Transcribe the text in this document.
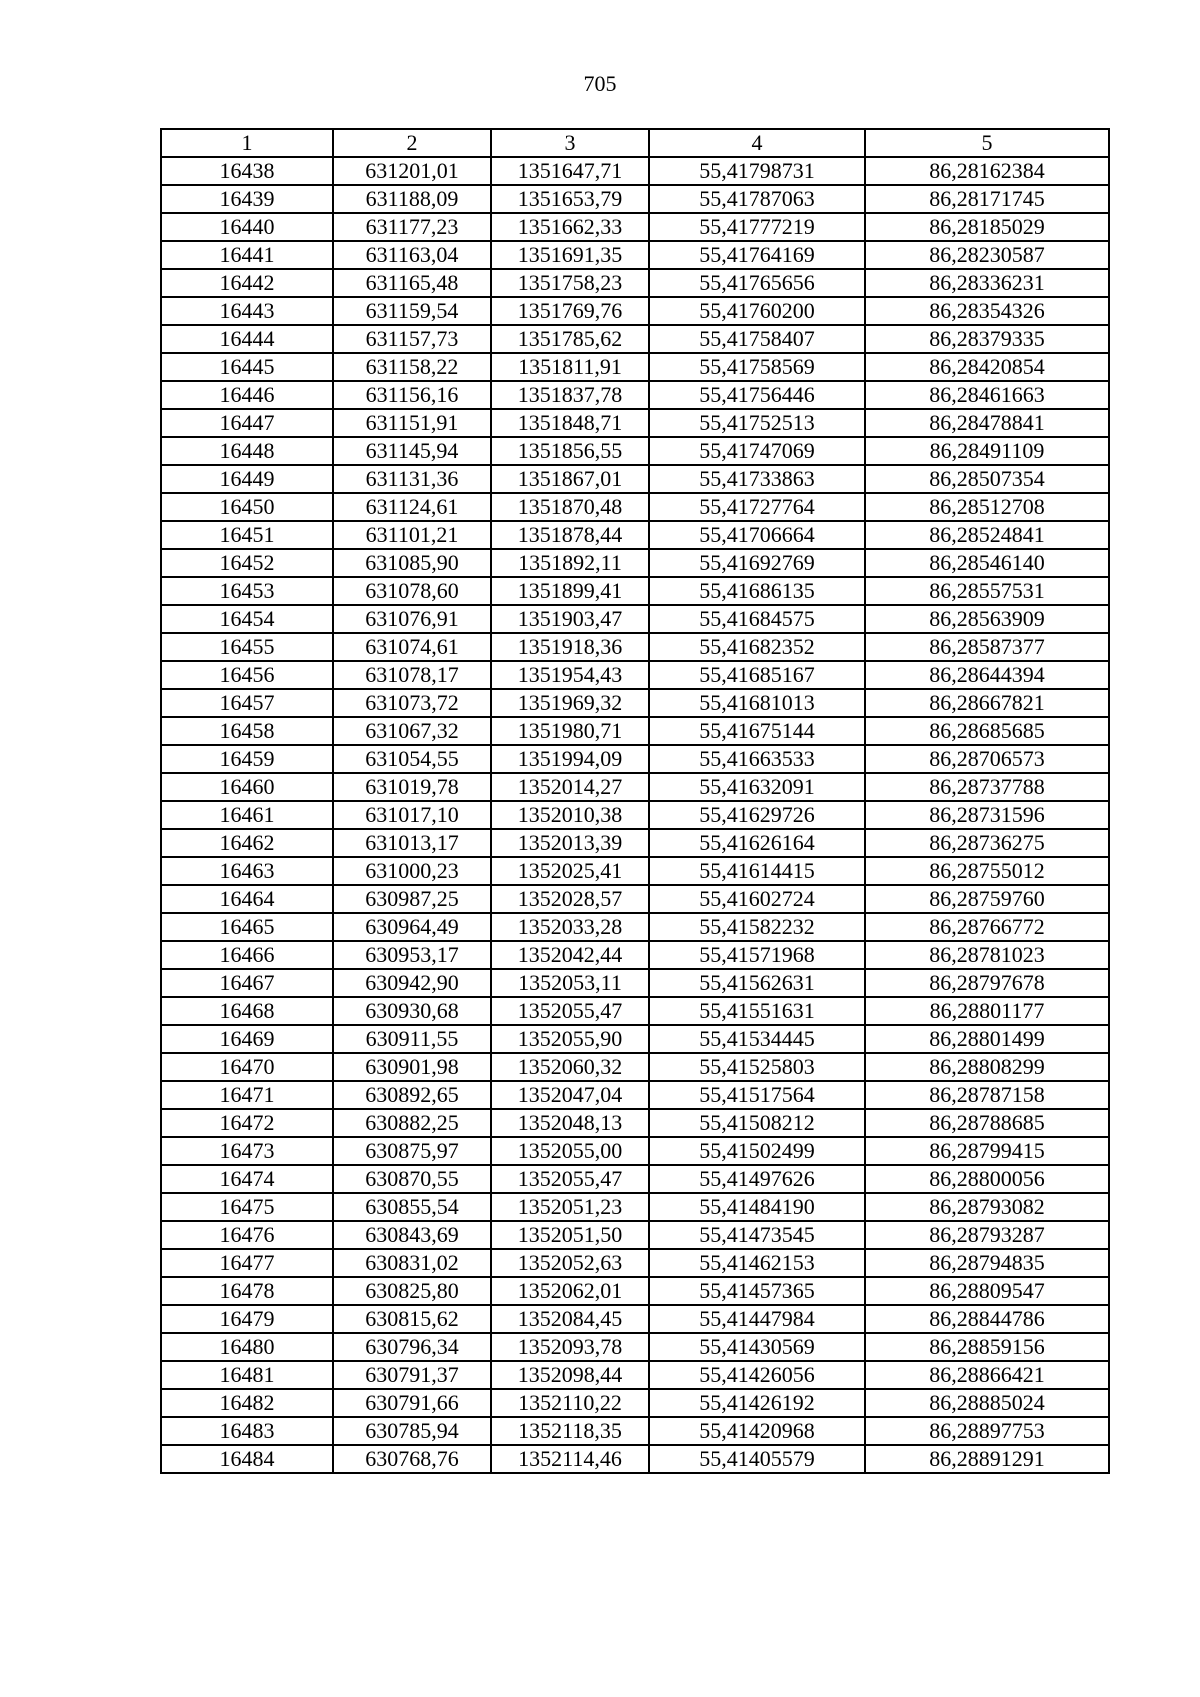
705
1	2	3	4	5
16438	631201,01	1351647,71	55,41798731	86,28162384
16439	631188,09	1351653,79	55,41787063	86,28171745
16440	631177,23	1351662,33	55,41777219	86,28185029
16441	631163,04	1351691,35	55,41764169	86,28230587
16442	631165,48	1351758,23	55,41765656	86,28336231
16443	631159,54	1351769,76	55,41760200	86,28354326
16444	631157,73	1351785,62	55,41758407	86,28379335
16445	631158,22	1351811,91	55,41758569	86,28420854
16446	631156,16	1351837,78	55,41756446	86,28461663
16447	631151,91	1351848,71	55,41752513	86,28478841
16448	631145,94	1351856,55	55,41747069	86,28491109
16449	631131,36	1351867,01	55,41733863	86,28507354
16450	631124,61	1351870,48	55,41727764	86,28512708
16451	631101,21	1351878,44	55,41706664	86,28524841
16452	631085,90	1351892,11	55,41692769	86,28546140
16453	631078,60	1351899,41	55,41686135	86,28557531
16454	631076,91	1351903,47	55,41684575	86,28563909
16455	631074,61	1351918,36	55,41682352	86,28587377
16456	631078,17	1351954,43	55,41685167	86,28644394
16457	631073,72	1351969,32	55,41681013	86,28667821
16458	631067,32	1351980,71	55,41675144	86,28685685
16459	631054,55	1351994,09	55,41663533	86,28706573
16460	631019,78	1352014,27	55,41632091	86,28737788
16461	631017,10	1352010,38	55,41629726	86,28731596
16462	631013,17	1352013,39	55,41626164	86,28736275
16463	631000,23	1352025,41	55,41614415	86,28755012
16464	630987,25	1352028,57	55,41602724	86,28759760
16465	630964,49	1352033,28	55,41582232	86,28766772
16466	630953,17	1352042,44	55,41571968	86,28781023
16467	630942,90	1352053,11	55,41562631	86,28797678
16468	630930,68	1352055,47	55,41551631	86,28801177
16469	630911,55	1352055,90	55,41534445	86,28801499
16470	630901,98	1352060,32	55,41525803	86,28808299
16471	630892,65	1352047,04	55,41517564	86,28787158
16472	630882,25	1352048,13	55,41508212	86,28788685
16473	630875,97	1352055,00	55,41502499	86,28799415
16474	630870,55	1352055,47	55,41497626	86,28800056
16475	630855,54	1352051,23	55,41484190	86,28793082
16476	630843,69	1352051,50	55,41473545	86,28793287
16477	630831,02	1352052,63	55,41462153	86,28794835
16478	630825,80	1352062,01	55,41457365	86,28809547
16479	630815,62	1352084,45	55,41447984	86,28844786
16480	630796,34	1352093,78	55,41430569	86,28859156
16481	630791,37	1352098,44	55,41426056	86,28866421
16482	630791,66	1352110,22	55,41426192	86,28885024
16483	630785,94	1352118,35	55,41420968	86,28897753
16484	630768,76	1352114,46	55,41405579	86,28891291
